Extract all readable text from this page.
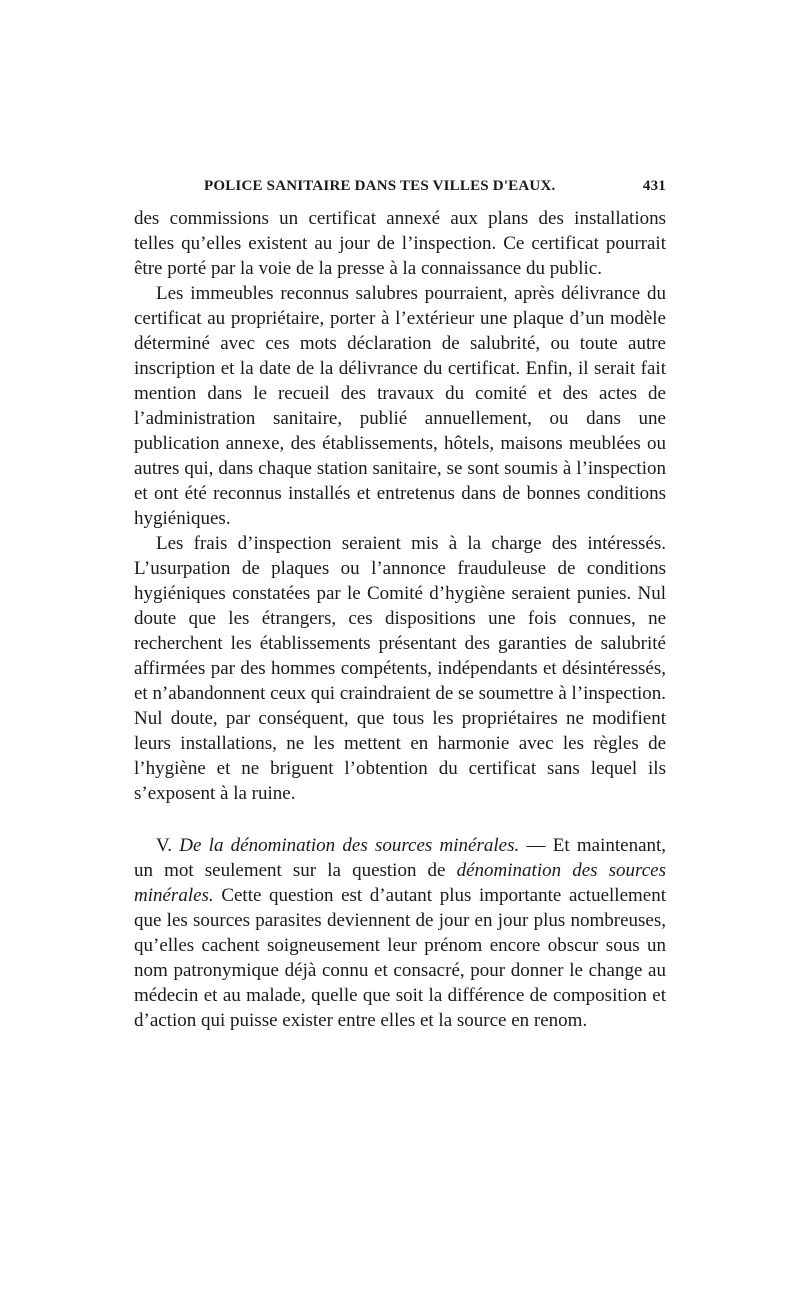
POLICE SANITAIRE DANS TES VILLES D'EAUX.	431

des commissions un certificat annexé aux plans des installations telles qu’elles existent au jour de l’inspection. Ce certificat pourrait être porté par la voie de la presse à la connaissance du public.

Les immeubles reconnus salubres pourraient, après délivrance du certificat au propriétaire, porter à l’extérieur une plaque d’un modèle déterminé avec ces mots déclaration de salubrité, ou toute autre inscription et la date de la délivrance du certificat. Enfin, il serait fait mention dans le recueil des travaux du comité et des actes de l’administration sanitaire, publié annuellement, ou dans une publication annexe, des établissements, hôtels, maisons meublées ou autres qui, dans chaque station sanitaire, se sont soumis à l’inspection et ont été reconnus installés et entretenus dans de bonnes conditions hygiéniques.

Les frais d’inspection seraient mis à la charge des intéressés. L’usurpation de plaques ou l’annonce frauduleuse de conditions hygiéniques constatées par le Comité d’hygiène seraient punies. Nul doute que les étrangers, ces dispositions une fois connues, ne recherchent les établissements présentant des garanties de salubrité affirmées par des hommes compétents, indépendants et désintéressés, et n’abandonnent ceux qui craindraient de se soumettre à l’inspection. Nul doute, par conséquent, que tous les propriétaires ne modifient leurs installations, ne les mettent en harmonie avec les règles de l’hygiène et ne briguent l’obtention du certificat sans lequel ils s’exposent à la ruine.

V. De la dénomination des sources minérales. — Et maintenant, un mot seulement sur la question de dénomination des sources minérales. Cette question est d’autant plus importante actuellement que les sources parasites deviennent de jour en jour plus nombreuses, qu’elles cachent soigneusement leur prénom encore obscur sous un nom patronymique déjà connu et consacré, pour donner le change au médecin et au malade, quelle que soit la différence de composition et d’action qui puisse exister entre elles et la source en renom.
